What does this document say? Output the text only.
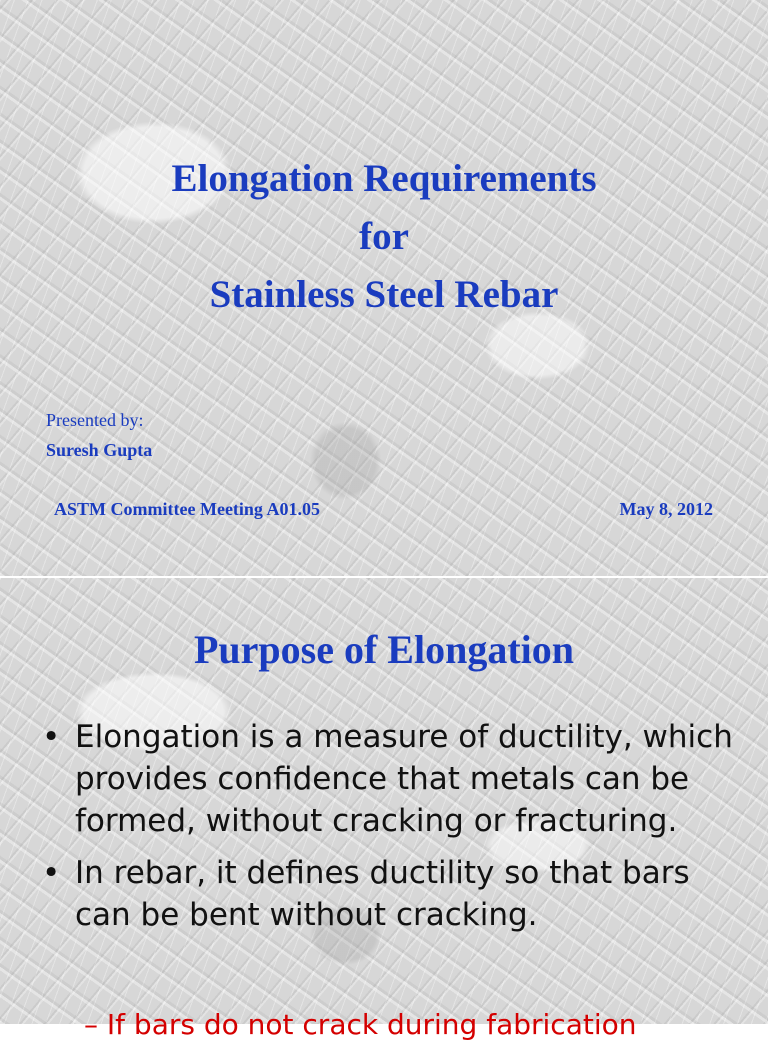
Elongation Requirements
for
Stainless Steel Rebar
Presented by:
Suresh Gupta
ASTM Committee Meeting A01.05	May 8, 2012
Purpose of Elongation
• Elongation is a measure of ductility, which provides confidence that metals can be formed, without cracking or fracturing.
• In rebar, it defines ductility so that bars can be bent without cracking.
– If bars do not crack during fabrication
